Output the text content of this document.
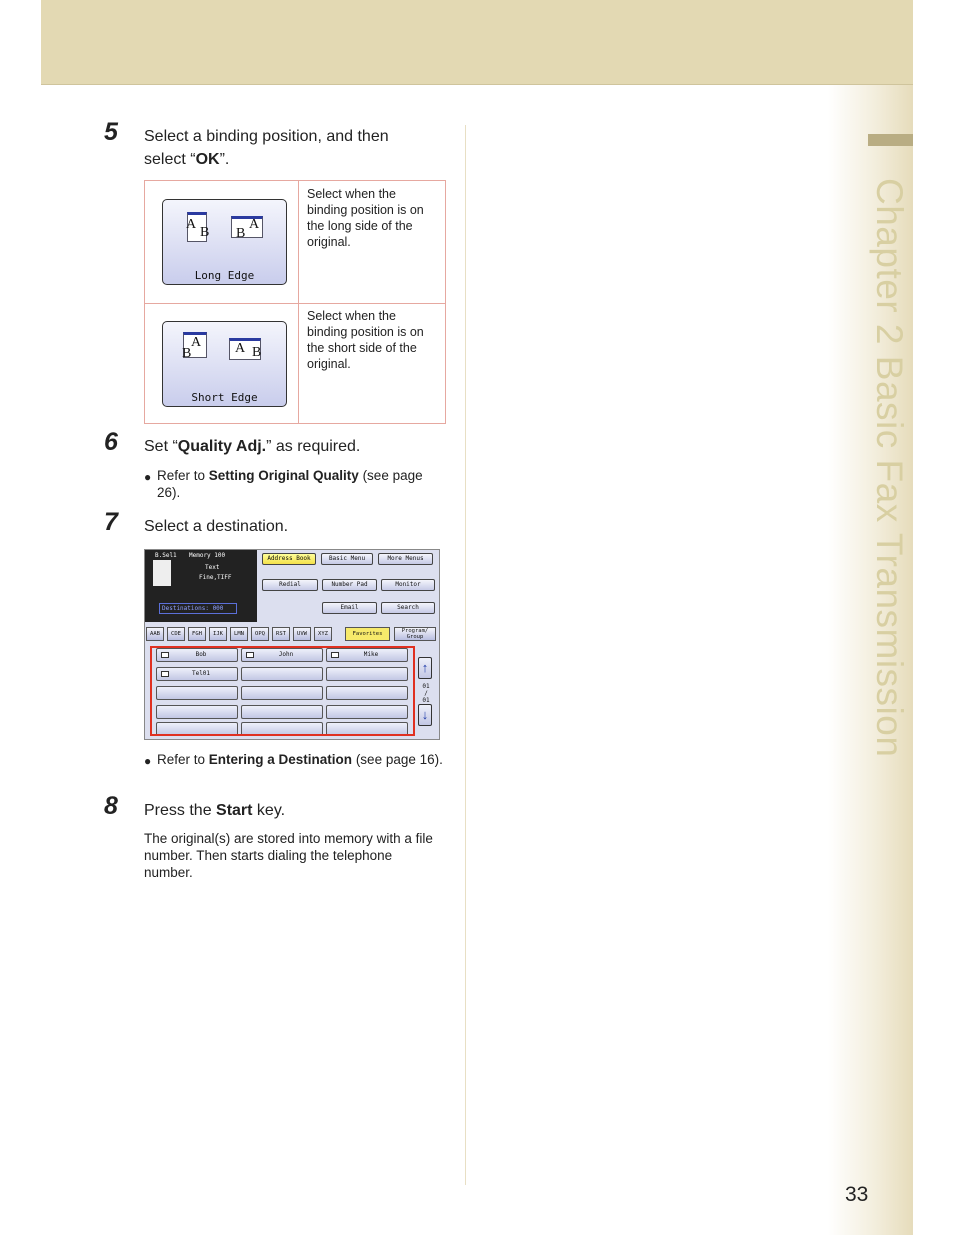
Chapter 2 Basic Fax Transmission
5 Select a binding position, and then select “OK”.
A
B
A
B
Long Edge
Select when the binding position is on the long side of the original.
A
B	A B
Short Edge
Select when the binding position is on the short side of the original.
6 Set “Quality Adj.” as required.
● Refer to Setting Original Quality (see page 26).
7 Select a destination.
B.Sel1 Memory 100
Text
Fine,TIFF
Destinations: 000
Address Book	Basic Menu	More Menus
Redial	Number Pad	Monitor
Email	Search
AAB	CDE	FGH	IJK	LMN	OPQ	RST	UVW	XYZ	Favorites	Program/ Group
Bob	John	Mike
Tel01	↑
01 / 01
↓
● Refer to Entering a Destination (see page 16).
8 Press the Start key.
The original(s) are stored into memory with a file number. Then starts dialing the telephone number.
33
